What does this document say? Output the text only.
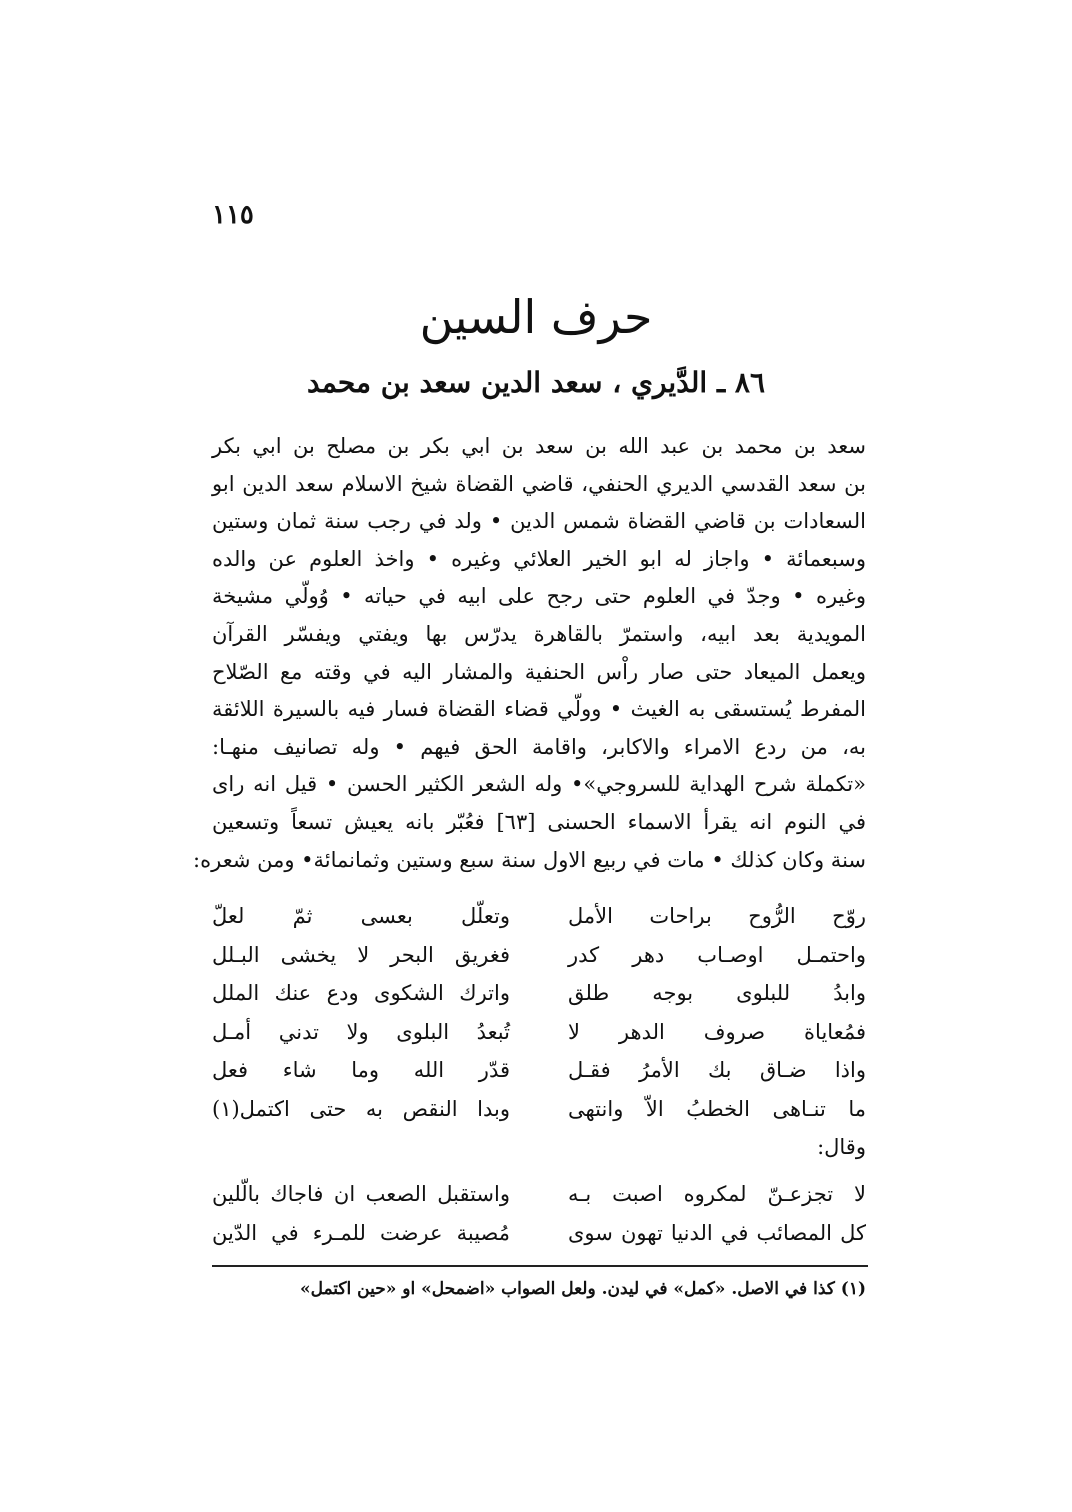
١١٥
حرف السين
٨٦ ـ الدَّيري ، سعد الدين سعد بن محمد
سعد بن محمد بن عبد الله بن سعد بن ابي بكر بن مصلح بن ابي بكر
بن سعد القدسي الديري الحنفي، قاضي القضاة شيخ الاسلام سعد الدين ابو
السعادات بن قاضي القضاة شمس الدين • ولد في رجب سنة ثمان وستين
وسبعمائة • واجاز له ابو الخير العلائي وغيره • واخذ العلوم عن والده
وغيره • وجدّ في العلوم حتى رجح على ابيه في حياته • وُولّي مشيخة
المويدية بعد ابيه، واستمرّ بالقاهرة يدرّس بها ويفتي ويفسّر القرآن
ويعمل الميعاد حتى صار راْس الحنفية والمشار اليه في وقته مع الصّلاح
المفرط يُستسقى به الغيث • وولّي قضاء القضاة فسار فيه بالسيرة اللائقة
به، من ردع الامراء والاكابر، واقامة الحق فيهم • وله تصانيف منهـا:
«تكملة شرح الهداية للسروجي»• وله الشعر الكثير الحسن • قيل انه راى
في النوم انه يقرأ الاسماء الحسنى [٦٣] فعُبّر بانه يعيش تسعاً وتسعين
سنة وكان كذلك • مات في ربيع الاول سنة سبع وستين وثمانمائة• ومن شعره:
روّح الرُّوح براحات الأمل
وتعلّل بعسى ثمّ لعلّ
واحتمـل اوصـاب دهر كدر
فغريق البحر لا يخشى البـلل
وابدُ للبلوى بوجه طلق
واترك الشكوى ودع عنك الملل
فمُعاياة صروف الدهر لا
تُبعدُ البلوى ولا تدني أمـل
واذا ضـاق بك الأمرُ فقـل
قدّر الله وما شاء فعل
ما تنـاهى الخطبُ الاّ وانتهى
وبدا النقص به حتى اكتمل(١)
وقال:
لا تجزعـنّ لمكروه اصبت بـه
واستقبل الصعب ان فاجاك بالّلين
كل المصائب في الدنيا تهون سوى
مُصيبة عرضت للمـرء في الدّين
(١) كذا في الاصل. «كمل» في ليدن. ولعل الصواب «اضمحل» او «حين اكتمل»
